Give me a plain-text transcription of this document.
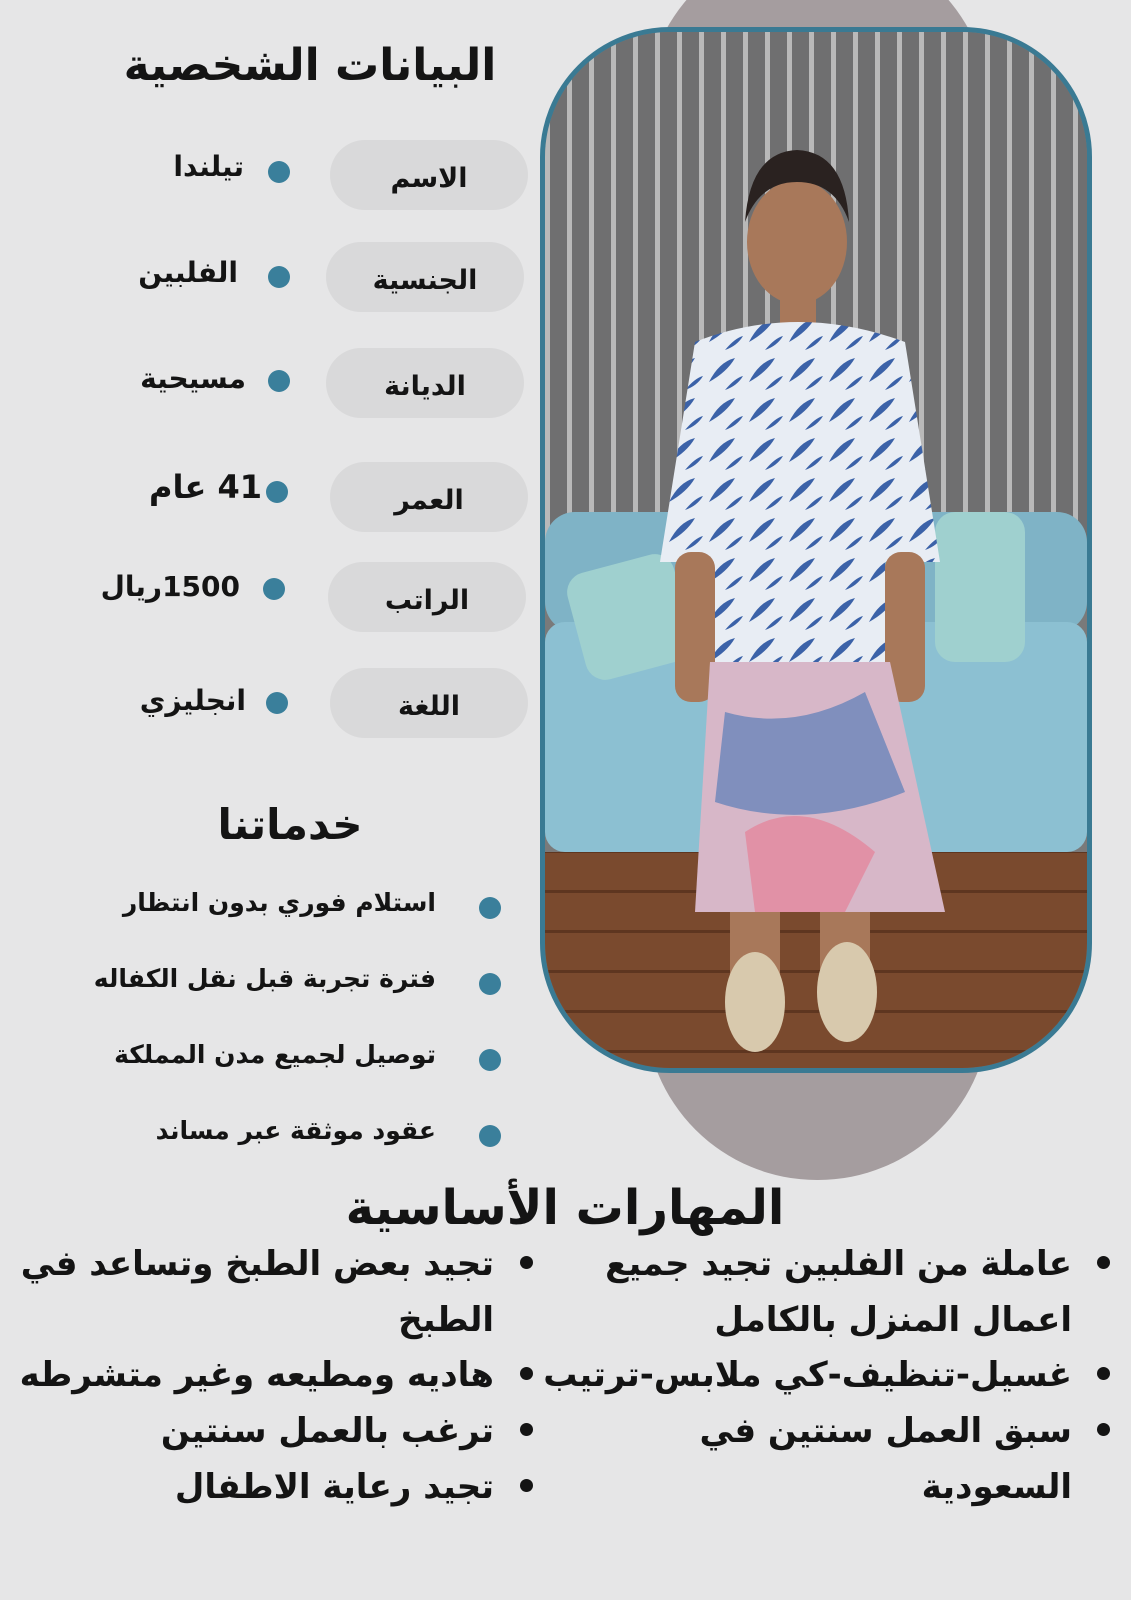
البيانات الشخصية
الاسم
تيلندا
الجنسية
الفلبين
الديانة
مسيحية
العمر
41 عام
الراتب
1500ريال
اللغة
انجليزي
خدماتنا
استلام فوري بدون انتظار
فترة تجربة قبل نقل الكفاله
توصيل لجميع مدن المملكة
عقود موثقة عبر مساند
المهارات الأساسية
عاملة من الفلبين تجيد جميع اعمال المنزل بالكامل
غسيل-تنظيف-كي ملابس-ترتيب
سبق العمل سنتين في السعودية
تجيد بعض الطبخ وتساعد في الطبخ
هاديه ومطيعه وغير متشرطه
ترغب بالعمل سنتين
تجيد رعاية الاطفال
